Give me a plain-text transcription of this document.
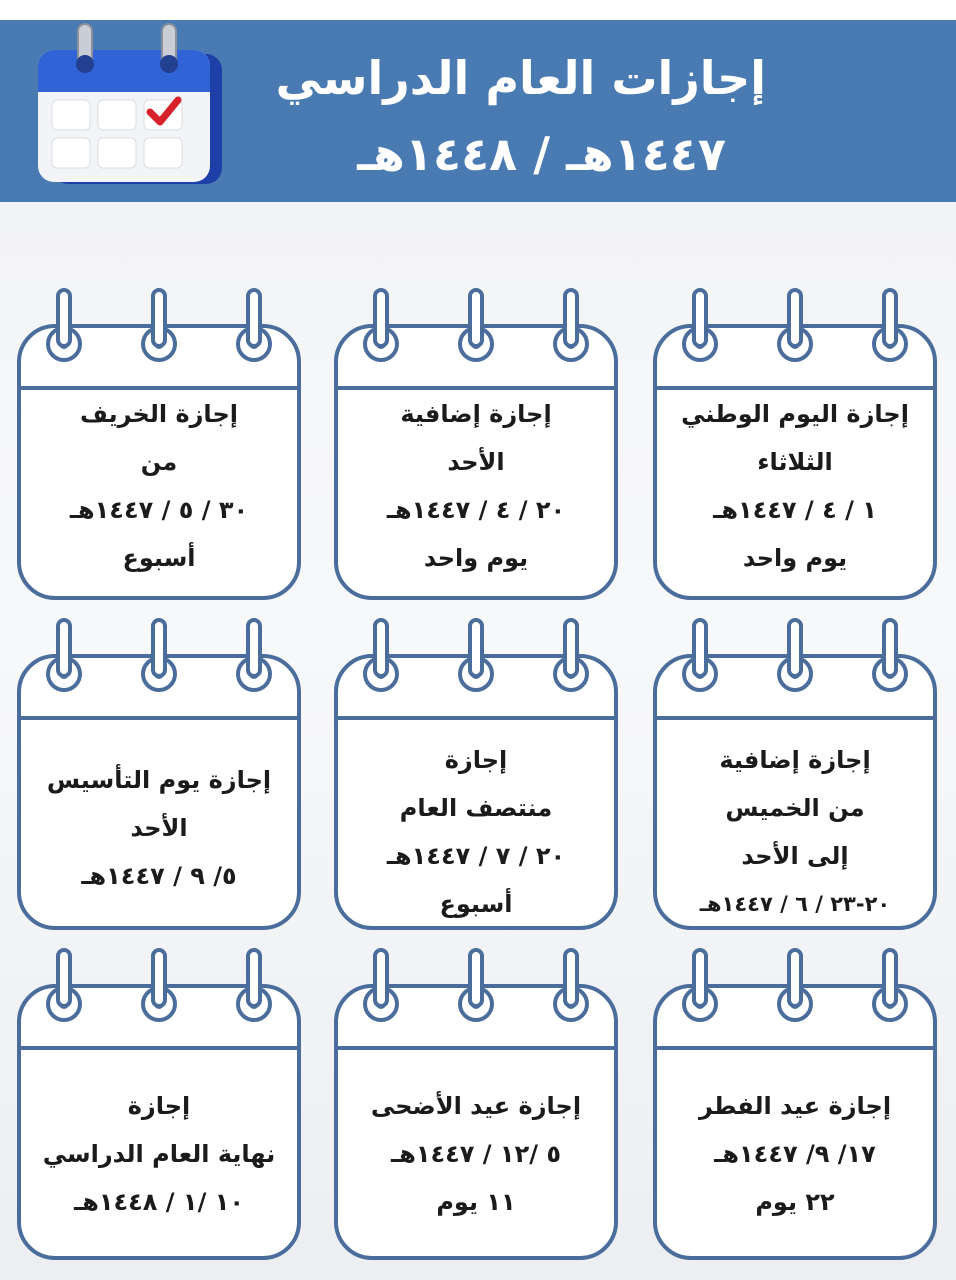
إجازات العام الدراسي
١٤٤٧هـ / ١٤٤٨هـ
إجازة اليوم الوطني
الثلاثاء
١ / ٤ / ١٤٤٧هـ
يوم واحد
إجازة إضافية
الأحد
٢٠ / ٤ / ١٤٤٧هـ
يوم واحد
إجازة الخريف
من
٣٠ / ٥ / ١٤٤٧هـ
أسبوع
إجازة إضافية
من الخميس
إلى الأحد
٢٠-٢٣ / ٦ / ١٤٤٧هـ
إجازة
منتصف العام
٢٠ / ٧ / ١٤٤٧هـ
أسبوع
إجازة يوم التأسيس
الأحد
٥/ ٩ / ١٤٤٧هـ
إجازة عيد الفطر
١٧/ ٩/ ١٤٤٧هـ
٢٢ يوم
إجازة عيد الأضحى
٥ /١٢ / ١٤٤٧هـ
١١ يوم
إجازة
نهاية العام الدراسي
١٠ /١ / ١٤٤٨هـ
